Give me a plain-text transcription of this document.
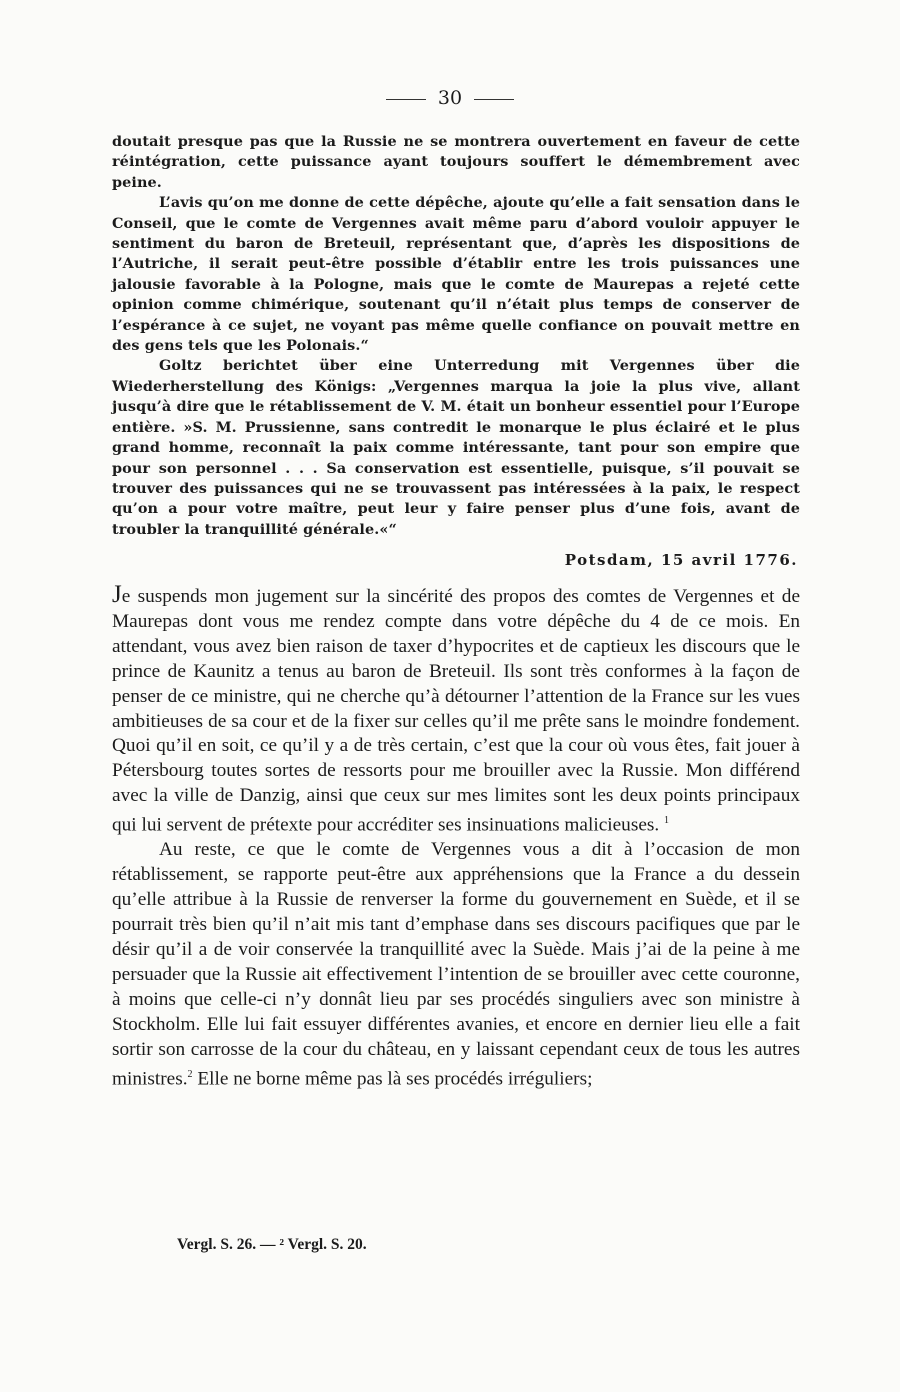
30

doutait presque pas que la Russie ne se montrera ouvertement en faveur de cette réintégration, cette puissance ayant toujours souffert le démembrement avec peine.

L’avis qu’on me donne de cette dépêche, ajoute qu’elle a fait sensation dans le Conseil, que le comte de Vergennes avait même paru d’abord vouloir appuyer le sentiment du baron de Breteuil, représentant que, d’après les dispositions de l’Autriche, il serait peut-être possible d’établir entre les trois puissances une jalousie favorable à la Pologne, mais que le comte de Maurepas a rejeté cette opinion comme chimérique, soutenant qu’il n’était plus temps de conserver de l’espérance à ce sujet, ne voyant pas même quelle confiance on pouvait mettre en des gens tels que les Polonais.“

Goltz berichtet über eine Unterredung mit Vergennes über die Wiederherstellung des Königs: „Vergennes marqua la joie la plus vive, allant jusqu’à dire que le rétablissement de V. M. était un bonheur essentiel pour l’Europe entière. »S. M. Prussienne, sans contredit le monarque le plus éclairé et le plus grand homme, reconnaît la paix comme intéressante, tant pour son empire que pour son personnel . . . Sa conservation est essentielle, puisque, s’il pouvait se trouver des puissances qui ne se trouvassent pas intéressées à la paix, le respect qu’on a pour votre maître, peut leur y faire penser plus d’une fois, avant de troubler la tranquillité générale.«“

Potsdam, 15 avril 1776.

Je suspends mon jugement sur la sincérité des propos des comtes de Vergennes et de Maurepas dont vous me rendez compte dans votre dépêche du 4 de ce mois. En attendant, vous avez bien raison de taxer d’hypocrites et de captieux les discours que le prince de Kaunitz a tenus au baron de Breteuil. Ils sont très conformes à la façon de penser de ce ministre, qui ne cherche qu’à détourner l’attention de la France sur les vues ambitieuses de sa cour et de la fixer sur celles qu’il me prête sans le moindre fondement. Quoi qu’il en soit, ce qu’il y a de très certain, c’est que la cour où vous êtes, fait jouer à Pétersbourg toutes sortes de ressorts pour me brouiller avec la Russie. Mon différend avec la ville de Danzig, ainsi que ceux sur mes limites sont les deux points principaux qui lui servent de prétexte pour accréditer ses insinuations malicieuses. $^1$

Au reste, ce que le comte de Vergennes vous a dit à l’occasion de mon rétablissement, se rapporte peut-être aux appréhensions que la France a du dessein qu’elle attribue à la Russie de renverser la forme du gouvernement en Suède, et il se pourrait très bien qu’il n’ait mis tant d’emphase dans ses discours pacifiques que par le désir qu’il a de voir conservée la tranquillité avec la Suède. Mais j’ai de la peine à me persuader que la Russie ait effectivement l’intention de se brouiller avec cette couronne, à moins que celle-ci n’y donnât lieu par ses procédés singuliers avec son ministre à Stockholm. Elle lui fait essuyer différentes avanies, et encore en dernier lieu elle a fait sortir son carrosse de la cour du château, en y laissant cependant ceux de tous les autres ministres.$^2$ Elle ne borne même pas là ses procédés irréguliers;

Vergl. S. 26. — ² Vergl. S. 20.
